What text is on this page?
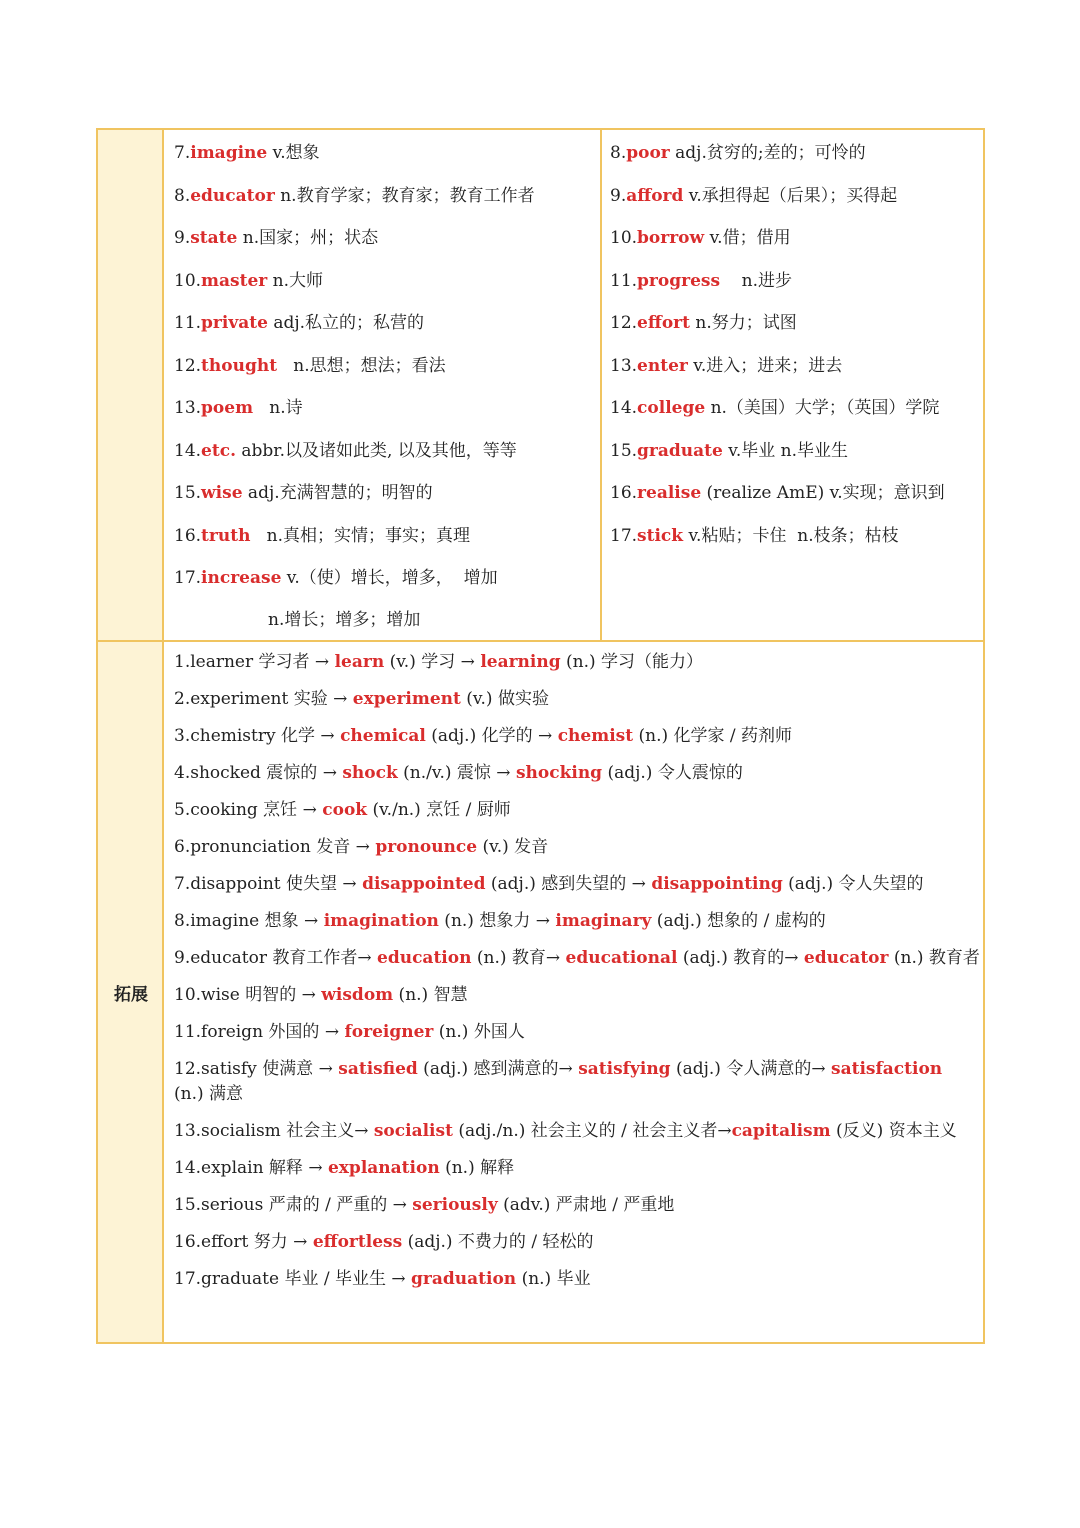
拓展
7.imagine v.想象
8.educator n.教育学家；教育家；教育工作者
9.state n.国家；州；状态
10.master n.大师
11.private adj.私立的；私营的
12.thought   n.思想；想法；看法
13.poem   n.诗
14.etc. abbr.以及诸如此类, 以及其他，等等
15.wise adj.充满智慧的；明智的
16.truth   n.真相；实情；事实；真理
17.increase v.（使）增长，增多，  增加
n.增长；增多；增加
8.poor adj.贫穷的;差的；可怜的
9.afford v.承担得起（后果）；买得起
10.borrow v.借；借用
11.progress    n.进步
12.effort n.努力；试图
13.enter v.进入；进来；进去
14.college n.（美国）大学；（英国）学院
15.graduate v.毕业 n.毕业生
16.realise (realize AmE) v.实现；意识到
17.stick v.粘贴；卡住  n.枝条；枯枝
1.learner 学习者 → learn (v.) 学习 → learning (n.) 学习（能力）
2.experiment 实验 → experiment (v.) 做实验
3.chemistry 化学 → chemical (adj.) 化学的 → chemist (n.) 化学家 / 药剂师
4.shocked 震惊的 → shock (n./v.) 震惊 → shocking (adj.) 令人震惊的
5.cooking 烹饪 → cook (v./n.) 烹饪 / 厨师
6.pronunciation 发音 → pronounce (v.) 发音
7.disappoint 使失望 → disappointed (adj.) 感到失望的 → disappointing (adj.) 令人失望的
8.imagine 想象 → imagination (n.) 想象力 → imaginary (adj.) 想象的 / 虚构的
9.educator 教育工作者→ education (n.) 教育→ educational (adj.) 教育的→ educator (n.) 教育者
10.wise 明智的 → wisdom (n.) 智慧
11.foreign 外国的 → foreigner (n.) 外国人
12.satisfy 使满意 → satisfied (adj.) 感到满意的→ satisfying (adj.) 令人满意的→ satisfaction (n.) 满意
13.socialism 社会主义→ socialist (adj./n.) 社会主义的 / 社会主义者→capitalism (反义) 资本主义
14.explain 解释 → explanation (n.) 解释
15.serious 严肃的 / 严重的 → seriously (adv.) 严肃地 / 严重地
16.effort 努力 → effortless (adj.) 不费力的 / 轻松的
17.graduate 毕业 / 毕业生 → graduation (n.) 毕业
